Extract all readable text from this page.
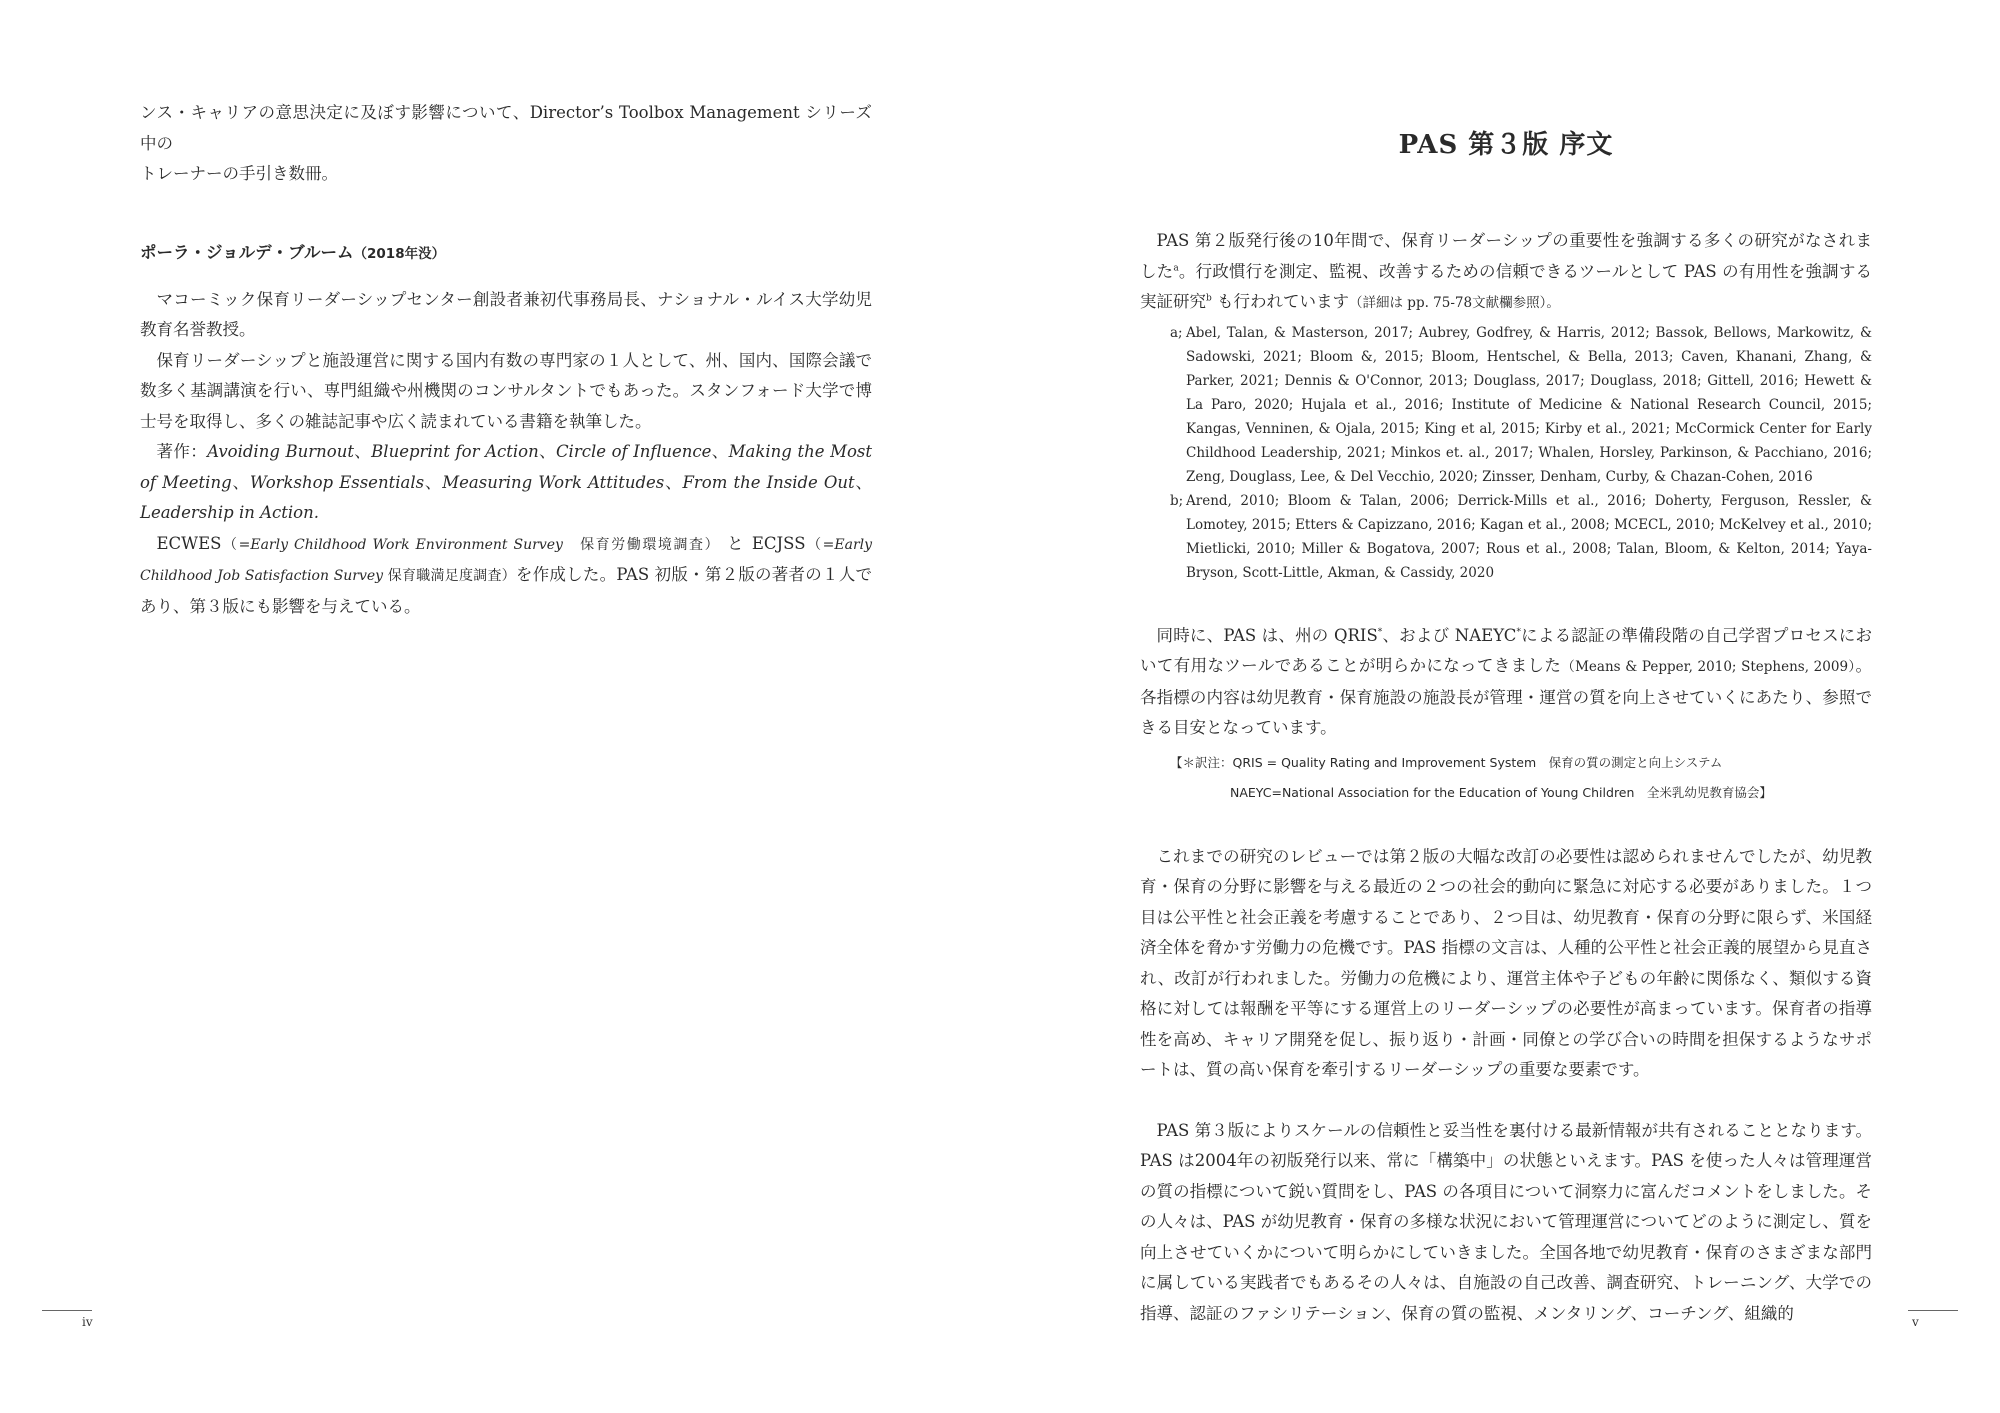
ンス・キャリアの意思決定に及ぼす影響について、Director’s Toolbox Management シリーズ中の
トレーナーの手引き数冊。

ポーラ・ジョルデ・ブルーム（2018年没）

マコーミック保育リーダーシップセンター創設者兼初代事務局長、ナショナル・ルイス大学幼児教育名誉教授。

保育リーダーシップと施設運営に関する国内有数の専門家の１人として、州、国内、国際会議で数多く基調講演を行い、専門組織や州機関のコンサルタントでもあった。スタンフォード大学で博士号を取得し、多くの雑誌記事や広く読まれている書籍を執筆した。

著作：Avoiding Burnout、Blueprint for Action、Circle of Influence、Making the Most of Meeting、Workshop Essentials、Measuring Work Attitudes、From the Inside Out、Leadership in Action.

ECWES（=Early Childhood Work Environment Survey　保育労働環境調査） と ECJSS（=Early Childhood Job Satisfaction Survey 保育職満足度調査）を作成した。PAS 初版・第２版の著者の１人であり、第３版にも影響を与えている。

iv
PAS 第３版 序文

PAS 第２版発行後の10年間で、保育リーダーシップの重要性を強調する多くの研究がなされました$^a$。行政慣行を測定、監視、改善するための信頼できるツールとして PAS の有用性を強調する実証研究$^b$ も行われています（詳細は pp. 75-78文献欄参照）。

a; Abel, Talan, & Masterson, 2017; Aubrey, Godfrey, & Harris, 2012; Bassok, Bellows, Markowitz, & Sadowski, 2021; Bloom &, 2015; Bloom, Hentschel, & Bella, 2013; Caven, Khanani, Zhang, & Parker, 2021; Dennis & O'Connor, 2013; Douglass, 2017; Douglass, 2018; Gittell, 2016; Hewett & La Paro, 2020; Hujala et al., 2016; Institute of Medicine & National Research Council, 2015; Kangas, Venninen, & Ojala, 2015; King et al, 2015; Kirby et al., 2021; McCormick Center for Early Childhood Leadership, 2021; Minkos et. al., 2017; Whalen, Horsley, Parkinson, & Pacchiano, 2016; Zeng, Douglass, Lee, & Del Vecchio, 2020; Zinsser, Denham, Curby, & Chazan-Cohen, 2016
b; Arend, 2010; Bloom & Talan, 2006; Derrick-Mills et al., 2016; Doherty, Ferguson, Ressler, & Lomotey, 2015; Etters & Capizzano, 2016; Kagan et al., 2008; MCECL, 2010; McKelvey et al., 2010; Mietlicki, 2010; Miller & Bogatova, 2007; Rous et al., 2008; Talan, Bloom, & Kelton, 2014; Yaya-Bryson, Scott-Little, Akman, & Cassidy, 2020

同時に、PAS は、州の QRIS*、および NAEYC*による認証の準備段階の自己学習プロセスにおいて有用なツールであることが明らかになってきました（Means & Pepper, 2010; Stephens, 2009）。各指標の内容は幼児教育・保育施設の施設長が管理・運営の質を向上させていくにあたり、参照できる目安となっています。

【＊訳注：QRIS = Quality Rating and Improvement System　保育の質の測定と向上システム
NAEYC=National Association for the Education of Young Children　全米乳幼児教育協会】

これまでの研究のレビューでは第２版の大幅な改訂の必要性は認められませんでしたが、幼児教育・保育の分野に影響を与える最近の２つの社会的動向に緊急に対応する必要がありました。１つ目は公平性と社会正義を考慮することであり、２つ目は、幼児教育・保育の分野に限らず、米国経済全体を脅かす労働力の危機です。PAS 指標の文言は、人種的公平性と社会正義的展望から見直され、改訂が行われました。労働力の危機により、運営主体や子どもの年齢に関係なく、類似する資格に対しては報酬を平等にする運営上のリーダーシップの必要性が高まっています。保育者の指導性を高め、キャリア開発を促し、振り返り・計画・同僚との学び合いの時間を担保するようなサポートは、質の高い保育を牽引するリーダーシップの重要な要素です。

PAS 第３版によりスケールの信頼性と妥当性を裏付ける最新情報が共有されることとなります。PAS は2004年の初版発行以来、常に「構築中」の状態といえます。PAS を使った人々は管理運営の質の指標について鋭い質問をし、PAS の各項目について洞察力に富んだコメントをしました。その人々は、PAS が幼児教育・保育の多様な状況において管理運営についてどのように測定し、質を向上させていくかについて明らかにしていきました。全国各地で幼児教育・保育のさまざまな部門に属している実践者でもあるその人々は、自施設の自己改善、調査研究、トレーニング、大学での指導、認証のファシリテーション、保育の質の監視、メンタリング、コーチング、組織的	v
